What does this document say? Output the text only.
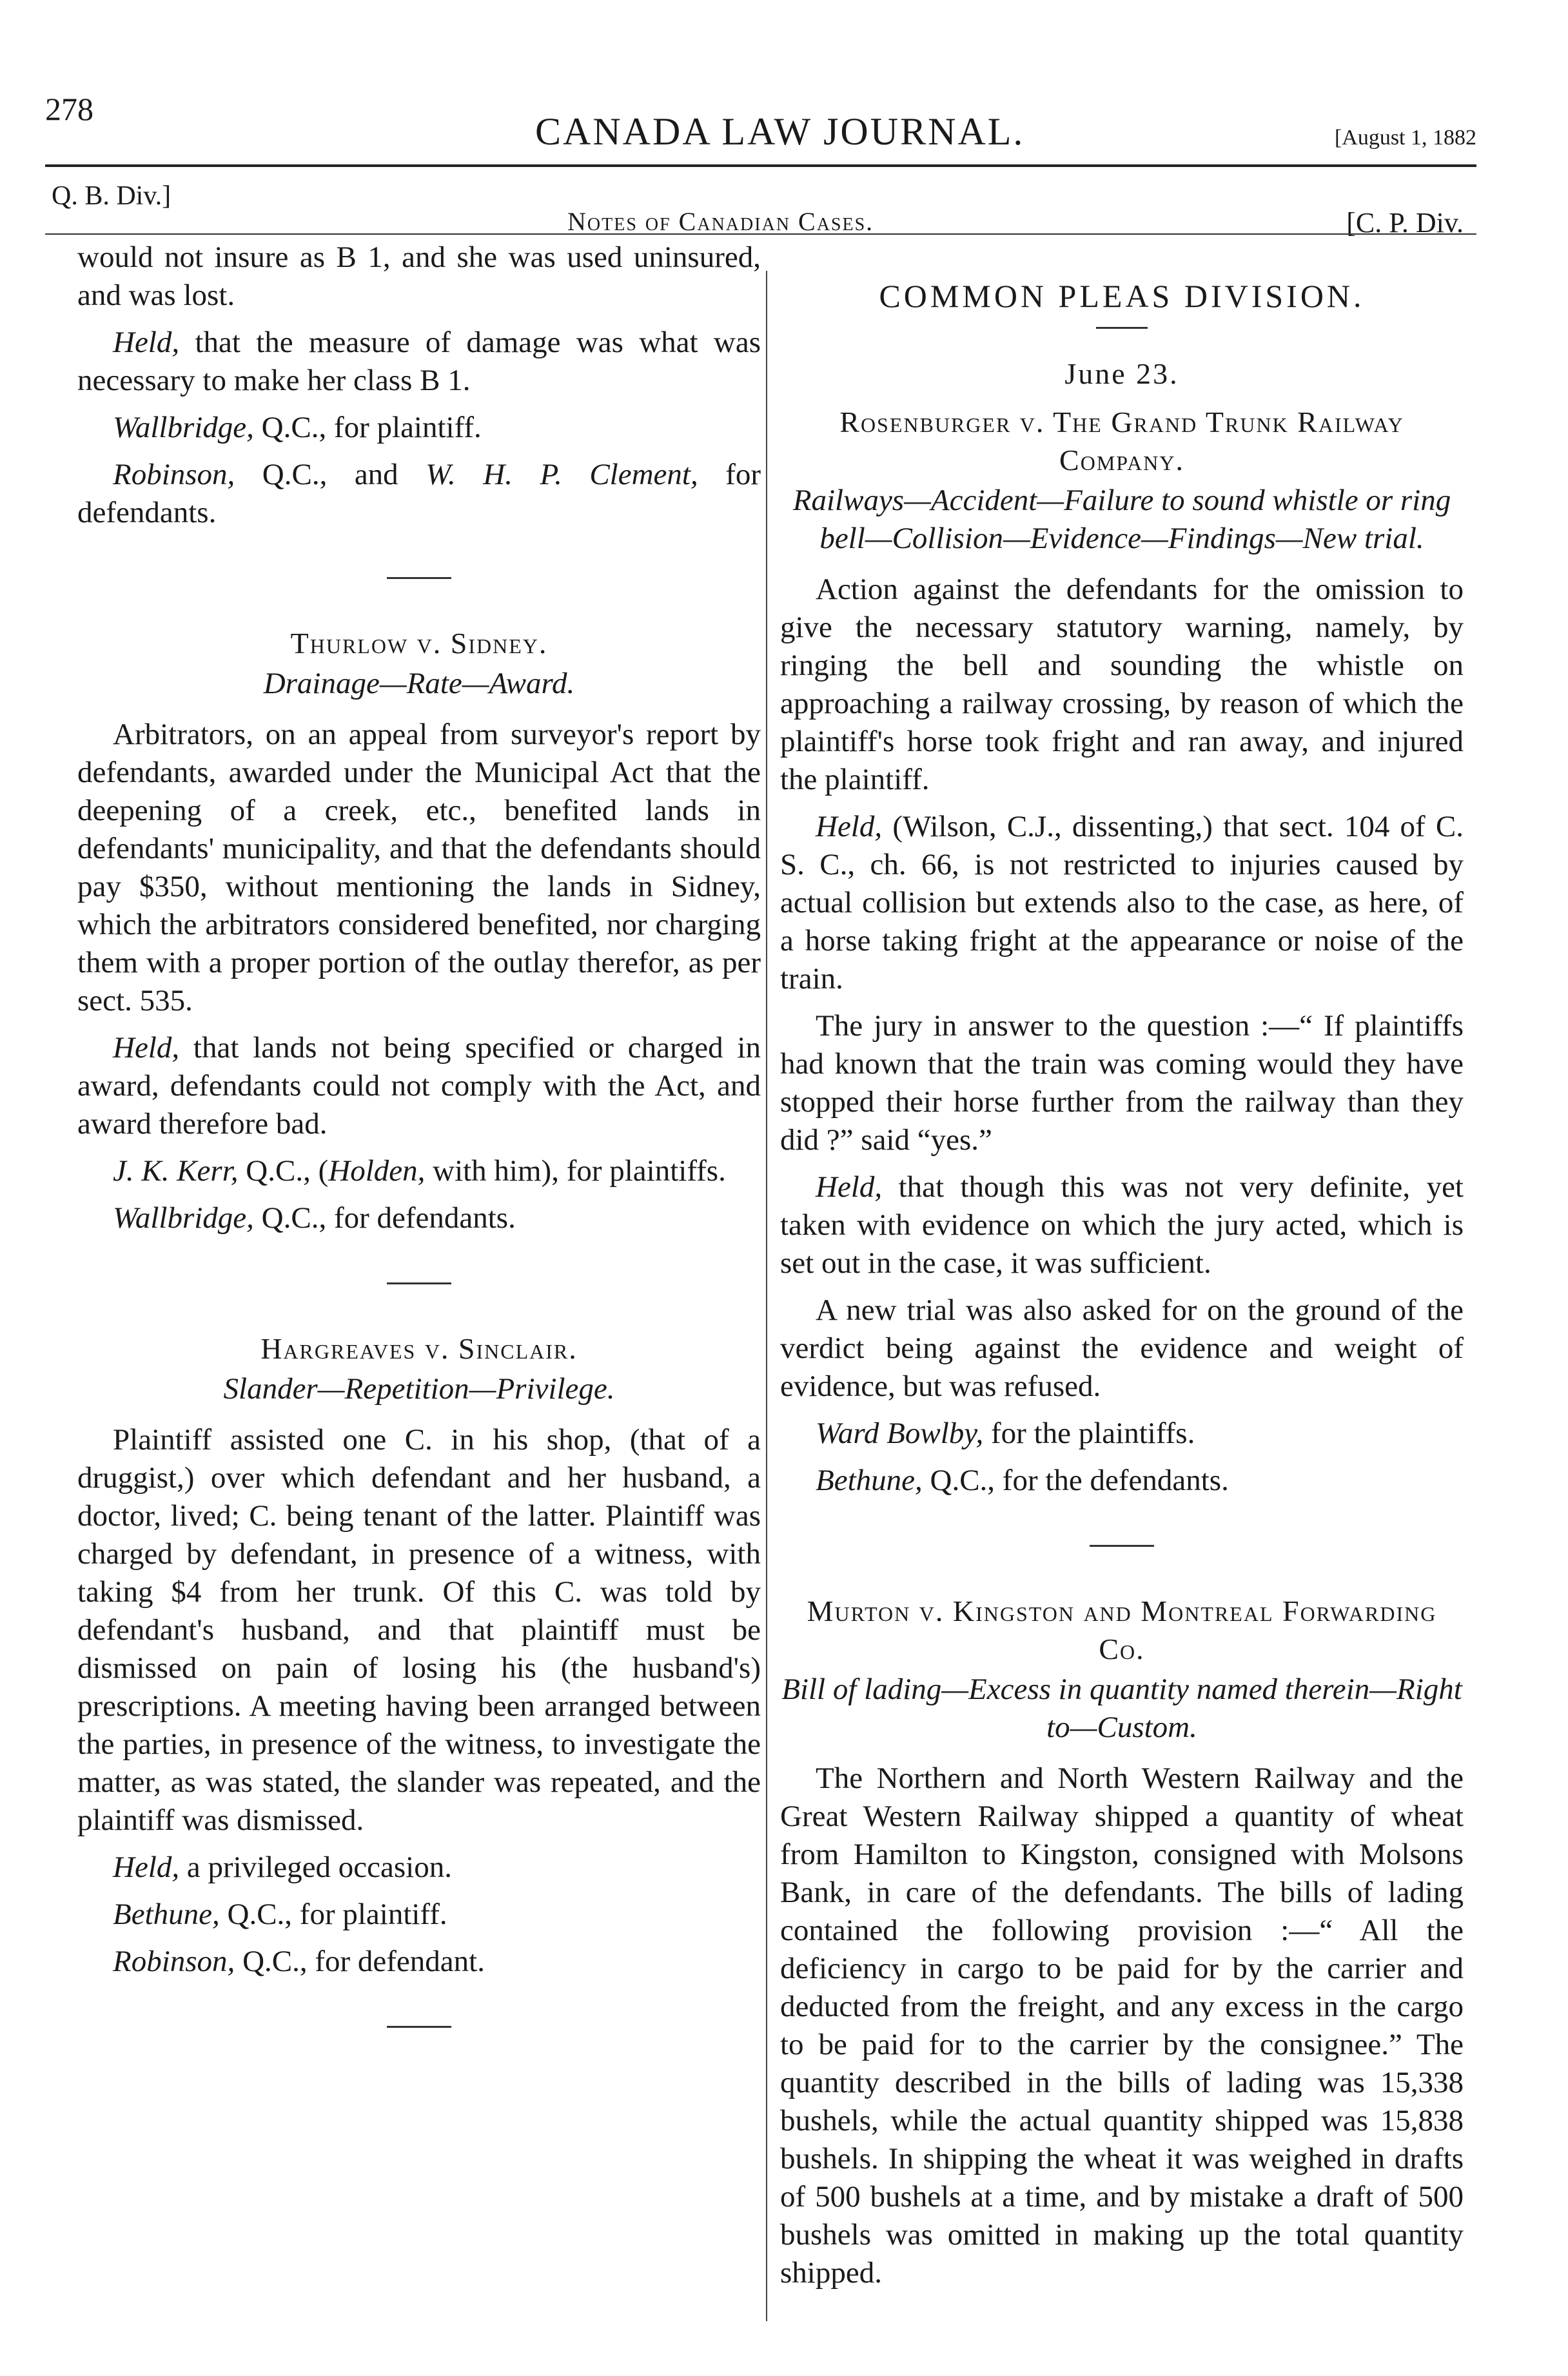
278
CANADA LAW JOURNAL.	[August 1, 1882
Q. B. Div.]
Notes of Canadian Cases.	[C. P. Div.

would not insure as B 1, and she was used uninsured, and was lost.

Held, that the measure of damage was what was necessary to make her class B 1.

Wallbridge, Q.C., for plaintiff.

Robinson, Q.C., and W. H. P. Clement, for defendants.

Thurlow v. Sidney.
Drainage—Rate—Award.

Arbitrators, on an appeal from surveyor's report by defendants, awarded under the Municipal Act that the deepening of a creek, etc., benefited lands in defendants' municipality, and that the defendants should pay $350, without mentioning the lands in Sidney, which the arbitrators considered benefited, nor charging them with a proper portion of the outlay therefor, as per sect. 535.

Held, that lands not being specified or charged in award, defendants could not comply with the Act, and award therefore bad.

J. K. Kerr, Q.C., (Holden, with him), for plaintiffs.

Wallbridge, Q.C., for defendants.

Hargreaves v. Sinclair.
Slander—Repetition—Privilege.

Plaintiff assisted one C. in his shop, (that of a druggist,) over which defendant and her husband, a doctor, lived; C. being tenant of the latter. Plaintiff was charged by defendant, in presence of a witness, with taking $4 from her trunk. Of this C. was told by defendant's husband, and that plaintiff must be dismissed on pain of losing his (the husband's) prescriptions. A meeting having been arranged between the parties, in presence of the witness, to investigate the matter, as was stated, the slander was repeated, and the plaintiff was dismissed.

Held, a privileged occasion.

Bethune, Q.C., for plaintiff.

Robinson, Q.C., for defendant.

COMMON PLEAS DIVISION.
June 23.
Rosenburger v. The Grand Trunk Railway Company.
Railways—Accident—Failure to sound whistle or ring bell—Collision—Evidence—Findings—New trial.

Action against the defendants for the omission to give the necessary statutory warning, namely, by ringing the bell and sounding the whistle on approaching a railway crossing, by reason of which the plaintiff's horse took fright and ran away, and injured the plaintiff.

Held, (Wilson, C.J., dissenting,) that sect. 104 of C. S. C., ch. 66, is not restricted to injuries caused by actual collision but extends also to the case, as here, of a horse taking fright at the appearance or noise of the train.

The jury in answer to the question :—“ If plaintiffs had known that the train was coming would they have stopped their horse further from the railway than they did ?” said “yes.”

Held, that though this was not very definite, yet taken with evidence on which the jury acted, which is set out in the case, it was sufficient.

A new trial was also asked for on the ground of the verdict being against the evidence and weight of evidence, but was refused.

Ward Bowlby, for the plaintiffs.

Bethune, Q.C., for the defendants.

Murton v. Kingston and Montreal Forwarding Co.
Bill of lading—Excess in quantity named therein—Right to—Custom.

The Northern and North Western Railway and the Great Western Railway shipped a quantity of wheat from Hamilton to Kingston, consigned with Molsons Bank, in care of the defendants. The bills of lading contained the following provision :—“ All the deficiency in cargo to be paid for by the carrier and deducted from the freight, and any excess in the cargo to be paid for to the carrier by the consignee.” The quantity described in the bills of lading was 15,338 bushels, while the actual quantity shipped was 15,838 bushels. In shipping the wheat it was weighed in drafts of 500 bushels at a time, and by mistake a draft of 500 bushels was omitted in making up the total quantity shipped.
